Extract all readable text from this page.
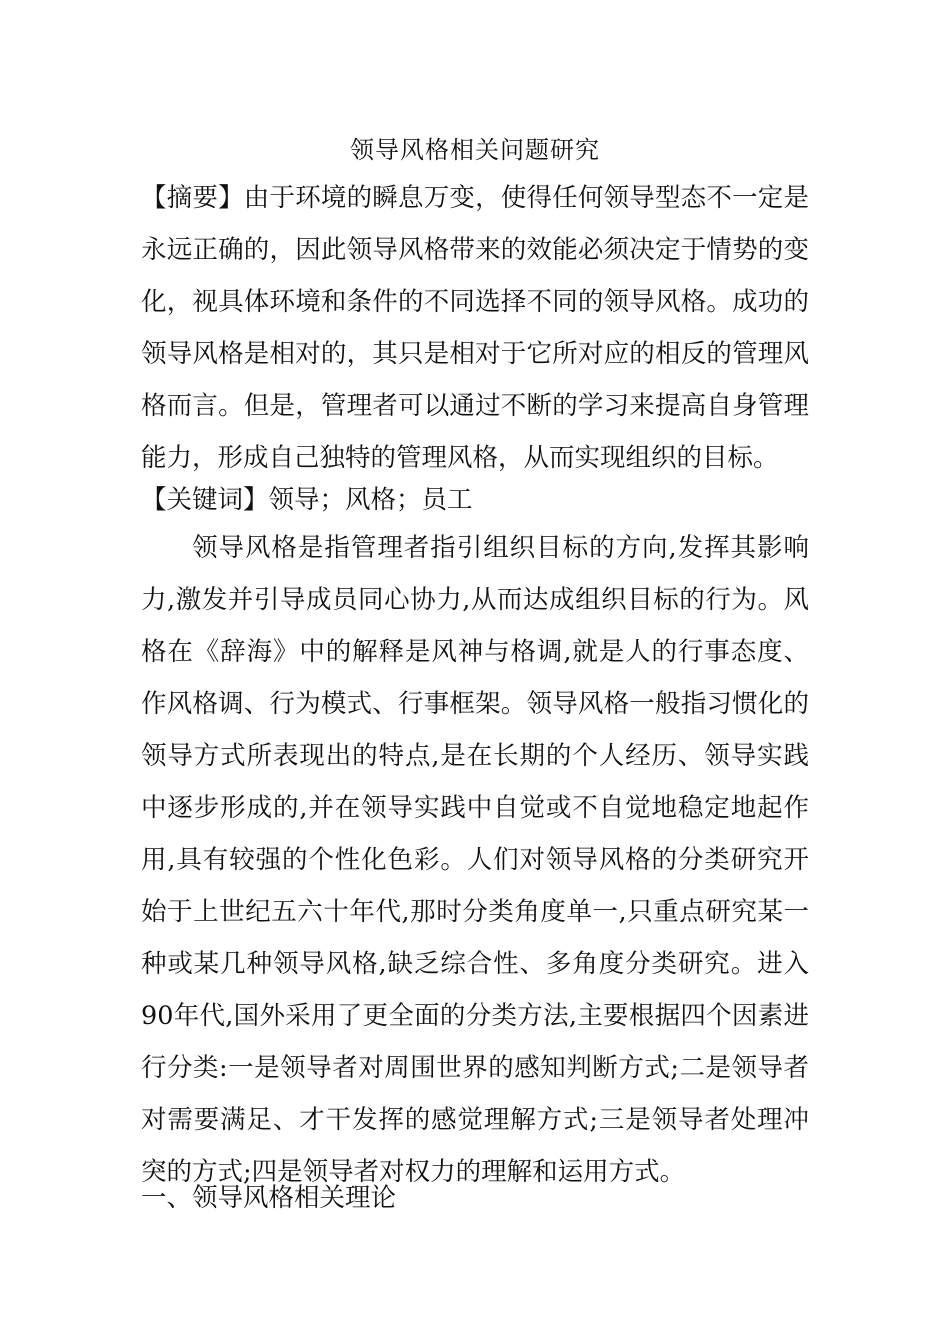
领导风格相关问题研究
【摘要】由于环境的瞬息万变，使得任何领导型态不一定是永远正确的，因此领导风格带来的效能必须决定于情势的变化，视具体环境和条件的不同选择不同的领导风格。成功的领导风格是相对的，其只是相对于它所对应的相反的管理风格而言。但是，管理者可以通过不断的学习来提高自身管理能力，形成自己独特的管理风格，从而实现组织的目标。
【关键词】领导；风格；员工
领导风格是指管理者指引组织目标的方向,发挥其影响力,激发并引导成员同心协力,从而达成组织目标的行为。风格在《辞海》中的解释是风神与格调,就是人的行事态度、作风格调、行为模式、行事框架。领导风格一般指习惯化的领导方式所表现出的特点,是在长期的个人经历、领导实践中逐步形成的,并在领导实践中自觉或不自觉地稳定地起作用,具有较强的个性化色彩。人们对领导风格的分类研究开始于上世纪五六十年代,那时分类角度单一,只重点研究某一种或某几种领导风格,缺乏综合性、多角度分类研究。进入90年代,国外采用了更全面的分类方法,主要根据四个因素进行分类:一是领导者对周围世界的感知判断方式;二是领导者对需要满足、才干发挥的感觉理解方式;三是领导者处理冲突的方式;四是领导者对权力的理解和运用方式。
一、领导风格相关理论
